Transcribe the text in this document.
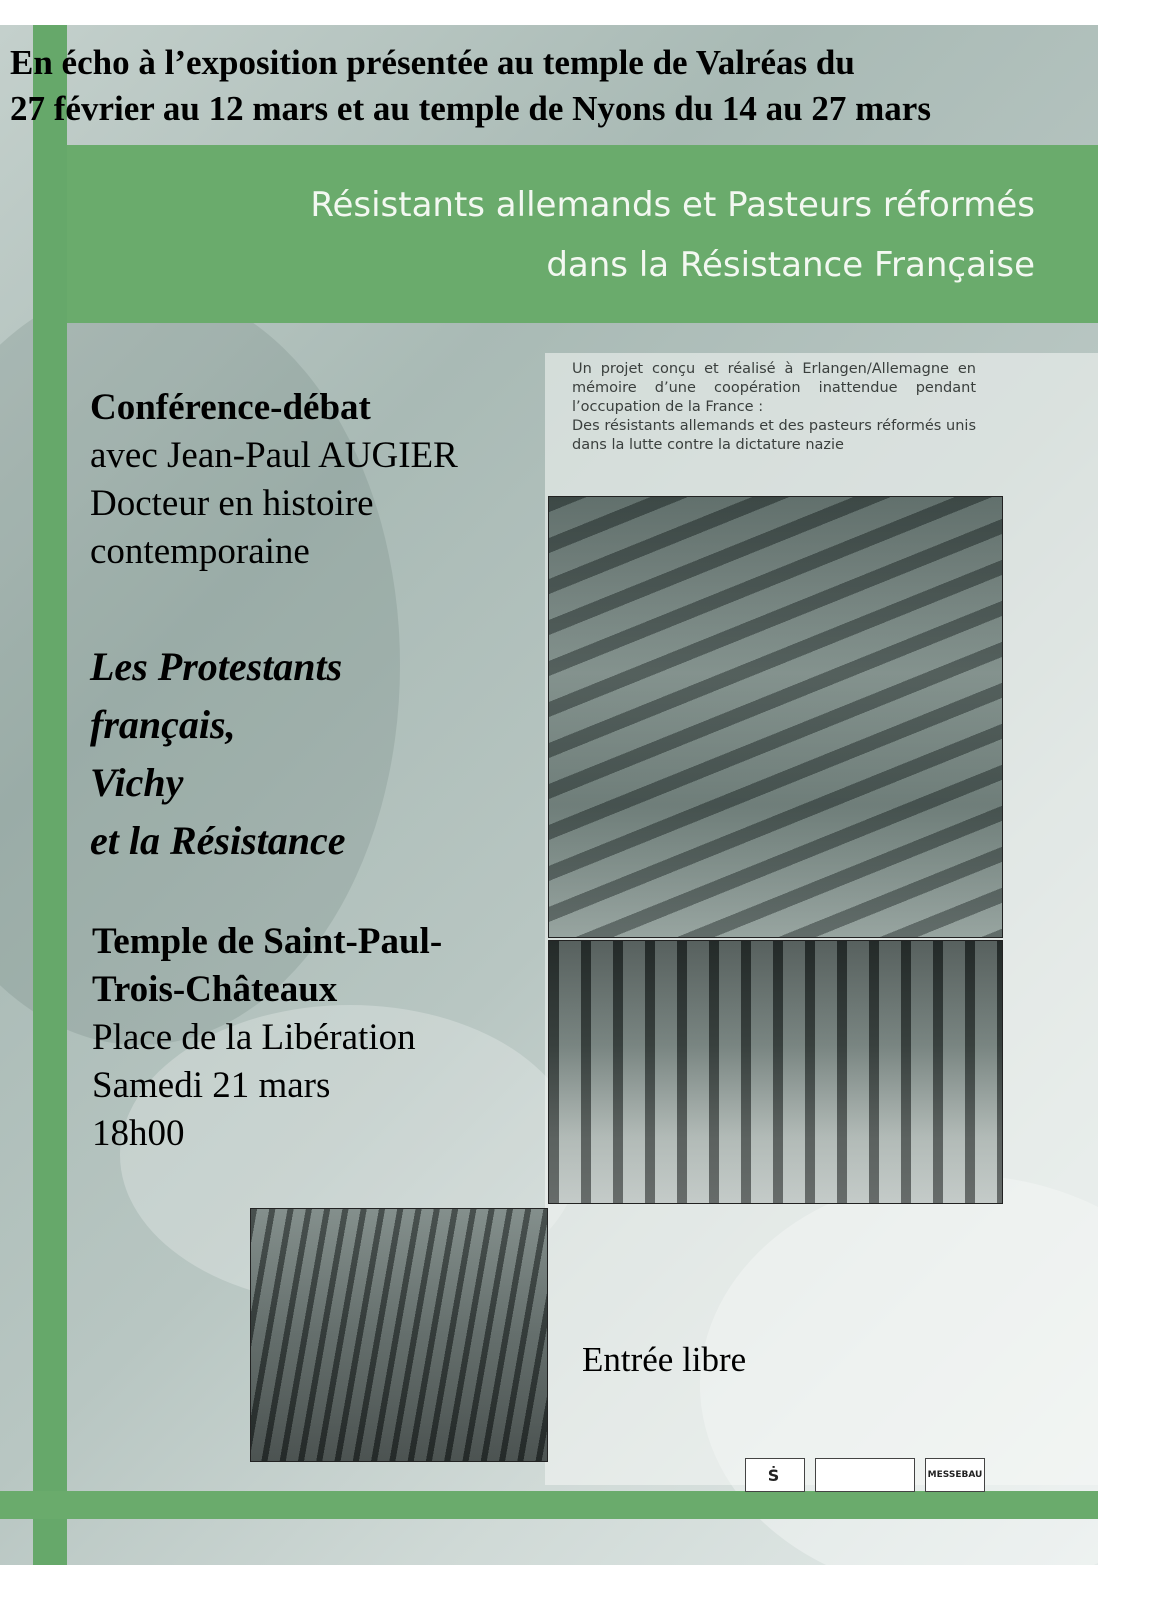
En écho à l’exposition présentée au temple de Valréas du
27 février au 12 mars et au temple de Nyons du 14 au 27 mars
Résistants allemands et Pasteurs réformés
dans la Résistance Française
Un projet conçu et réalisé à Erlangen/Allemagne en mémoire d’une coopération inattendue pendant l’occupation de la France :
Des résistants allemands et des pasteurs réformés unis dans la lutte contre la dictature nazie
Conférence-débat
avec Jean-Paul AUGIER
Docteur en histoire
contemporaine
Les Protestants
français,
Vichy
et la Résistance
Temple de Saint-Paul-
Trois-Châteaux
Place de la Libération
Samedi 21 mars
18h00
Entrée libre
Ṡ	MESSEBAU
